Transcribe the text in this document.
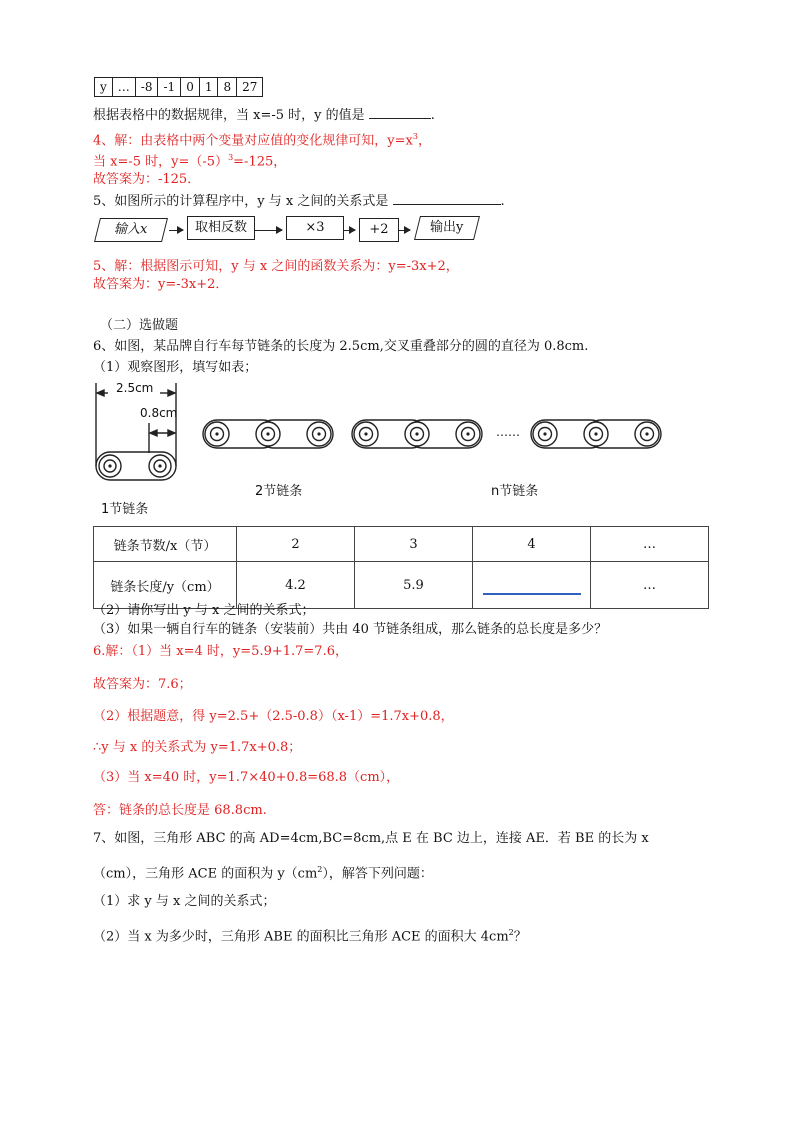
y	…	-8	-1	0	1	8	27
根据表格中的数据规律，当 x=-5 时，y 的值是	.
4、解：由表格中两个变量对应值的变化规律可知，$y=x^3$，
当 x=-5 时，$y=(-5)^3=-125$，
故答案为：-125．
5、如图所示的计算程序中，y 与 x 之间的关系式是	.
输入x	取相反数	×3	+2	输出y
5、解：根据图示可知，y 与 x 之间的函数关系为：y=-3x+2，
故答案为：y=-3x+2．
（二）选做题
6、如图，某品牌自行车每节链条的长度为 2.5cm,交叉重叠部分的圆的直径为 0.8cm.
（1）观察图形，填写如表；
2.5cm
0.8cm
1节链条
2节链条	n节链条
……
链条节数/x（节）	2	3	4	…
链条长度/y（cm）	4.2	5.9		…
（2）请你写出 y 与 x 之间的关系式；
（3）如果一辆自行车的链条（安装前）共由 40 节链条组成，那么链条的总长度是多少？
6.解：（1）当 x=4 时，y=5.9+1.7=7.6，
故答案为：7.6；
（2）根据题意，得 y=2.5+（2.5-0.8）（x-1）=1.7x+0.8，
∴y 与 x 的关系式为 y=1.7x+0.8；
（3）当 x=40 时，y=1.7×40+0.8=68.8（cm），
答：链条的总长度是 68.8cm.
7、如图，三角形 ABC 的高 AD=4cm,BC=8cm,点 E 在 BC 边上，连接 AE．若 BE 的长为 x
（cm），三角形 ACE 的面积为 $y(cm^2)$，解答下列问题：
（1）求 y 与 x 之间的关系式；
（2）当 x 为多少时，三角形 ABE 的面积比三角形 ACE 的面积大 $4cm^2$？
